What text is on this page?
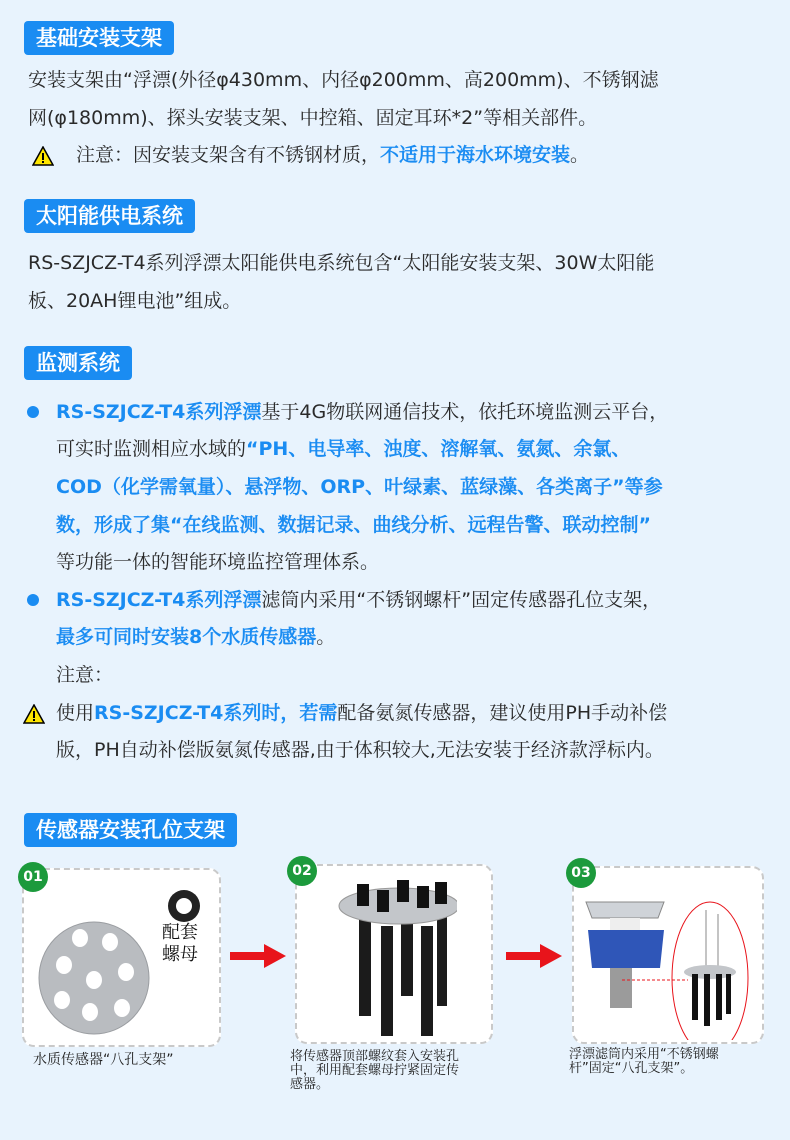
基础安装支架
安装支架由“浮漂(外径φ430mm、内径φ200mm、高200mm)、不锈钢滤
网(φ180mm)、探头安装支架、中控箱、固定耳环*2”等相关部件。
注意：因安装支架含有不锈钢材质，不适用于海水环境安装。
太阳能供电系统
RS-SZJCZ-T4系列浮漂太阳能供电系统包含“太阳能安装支架、30W太阳能
板、20AH锂电池”组成。
监测系统
RS-SZJCZ-T4系列浮漂基于4G物联网通信技术，依托环境监测云平台，
可实时监测相应水域的“PH、电导率、浊度、溶解氧、氨氮、余氯、
COD（化学需氧量）、悬浮物、ORP、叶绿素、蓝绿藻、各类离子”等参
数，形成了集“在线监测、数据记录、曲线分析、远程告警、联动控制”
等功能一体的智能环境监控管理体系。
RS-SZJCZ-T4系列浮漂滤筒内采用“不锈钢螺杆”固定传感器孔位支架，
最多可同时安装8个水质传感器。
注意：
使用RS-SZJCZ-T4系列时，若需配备氨氮传感器，建议使用PH手动补偿
版，PH自动补偿版氨氮传感器,由于体积较大,无法安装于经济款浮标内。
传感器安装孔位支架
配套
螺母
01
水质传感器“八孔支架”
02
将传感器顶部螺纹套入安装孔
中，利用配套螺母拧紧固定传
感器。
03
浮漂滤筒内采用“不锈钢螺
杆”固定“八孔支架”。
